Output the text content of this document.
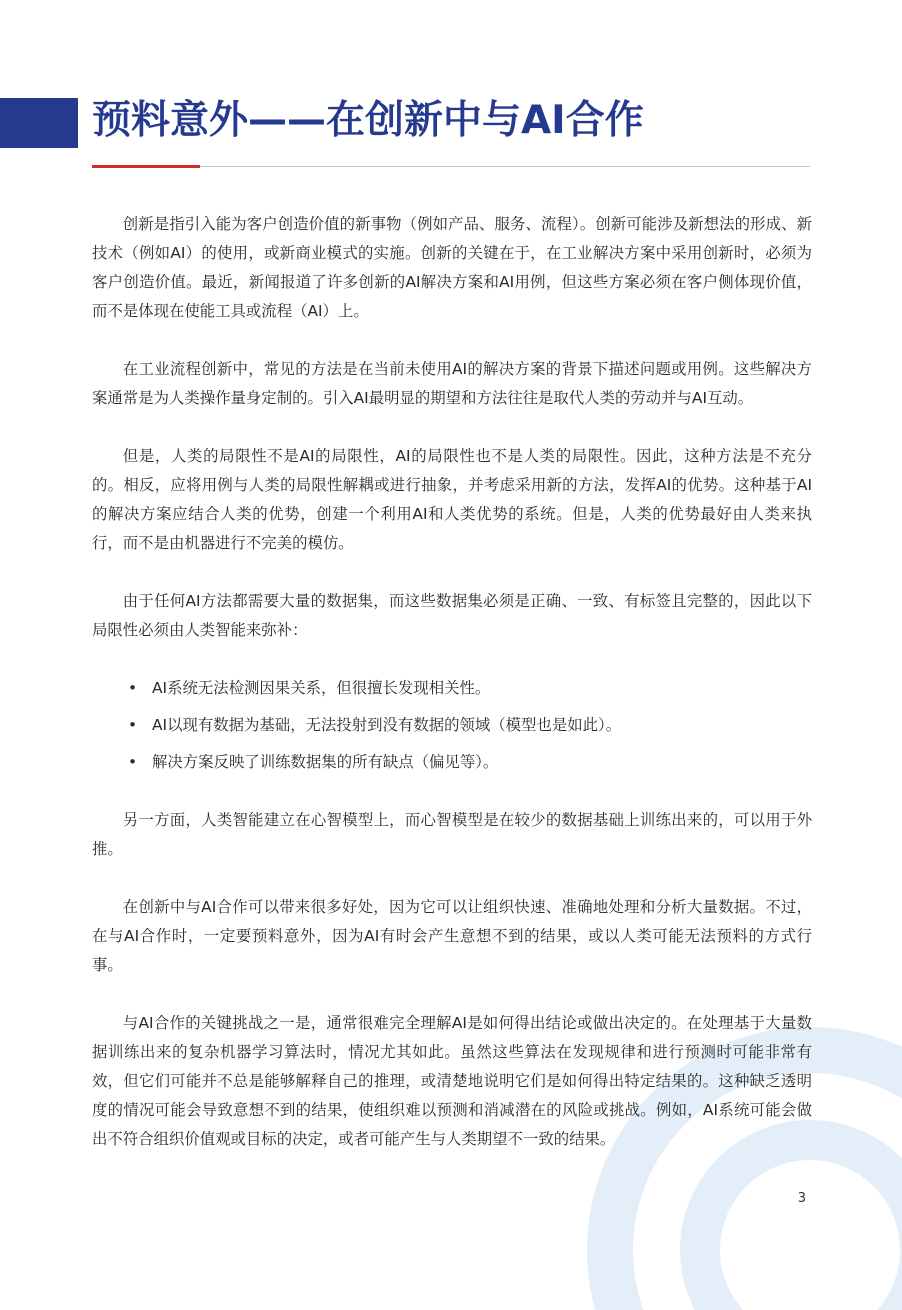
预料意外——在创新中与AI合作

创新是指引入能为客户创造价值的新事物（例如产品、服务、流程）。创新可能涉及新想法的形成、新技术（例如AI）的使用，或新商业模式的实施。创新的关键在于，在工业解决方案中采用创新时，必须为客户创造价值。最近，新闻报道了许多创新的AI解决方案和AI用例，但这些方案必须在客户侧体现价值，而不是体现在使能工具或流程（AI）上。

在工业流程创新中，常见的方法是在当前未使用AI的解决方案的背景下描述问题或用例。这些解决方案通常是为人类操作量身定制的。引入AI最明显的期望和方法往往是取代人类的劳动并与AI互动。

但是，人类的局限性不是AI的局限性，AI的局限性也不是人类的局限性。因此，这种方法是不充分的。相反，应将用例与人类的局限性解耦或进行抽象，并考虑采用新的方法，发挥AI的优势。这种基于AI的解决方案应结合人类的优势，创建一个利用AI和人类优势的系统。但是，人类的优势最好由人类来执行，而不是由机器进行不完美的模仿。

由于任何AI方法都需要大量的数据集，而这些数据集必须是正确、一致、有标签且完整的，因此以下局限性必须由人类智能来弥补：

• AI系统无法检测因果关系，但很擅长发现相关性。
• AI以现有数据为基础，无法投射到没有数据的领域（模型也是如此）。
• 解决方案反映了训练数据集的所有缺点（偏见等）。

另一方面，人类智能建立在心智模型上，而心智模型是在较少的数据基础上训练出来的，可以用于外推。

在创新中与AI合作可以带来很多好处，因为它可以让组织快速、准确地处理和分析大量数据。不过，在与AI合作时，一定要预料意外，因为AI有时会产生意想不到的结果，或以人类可能无法预料的方式行事。

与AI合作的关键挑战之一是，通常很难完全理解AI是如何得出结论或做出决定的。在处理基于大量数据训练出来的复杂机器学习算法时，情况尤其如此。虽然这些算法在发现规律和进行预测时可能非常有效，但它们可能并不总是能够解释自己的推理，或清楚地说明它们是如何得出特定结果的。这种缺乏透明度的情况可能会导致意想不到的结果，使组织难以预测和消减潜在的风险或挑战。例如，AI系统可能会做出不符合组织价值观或目标的决定，或者可能产生与人类期望不一致的结果。

3
